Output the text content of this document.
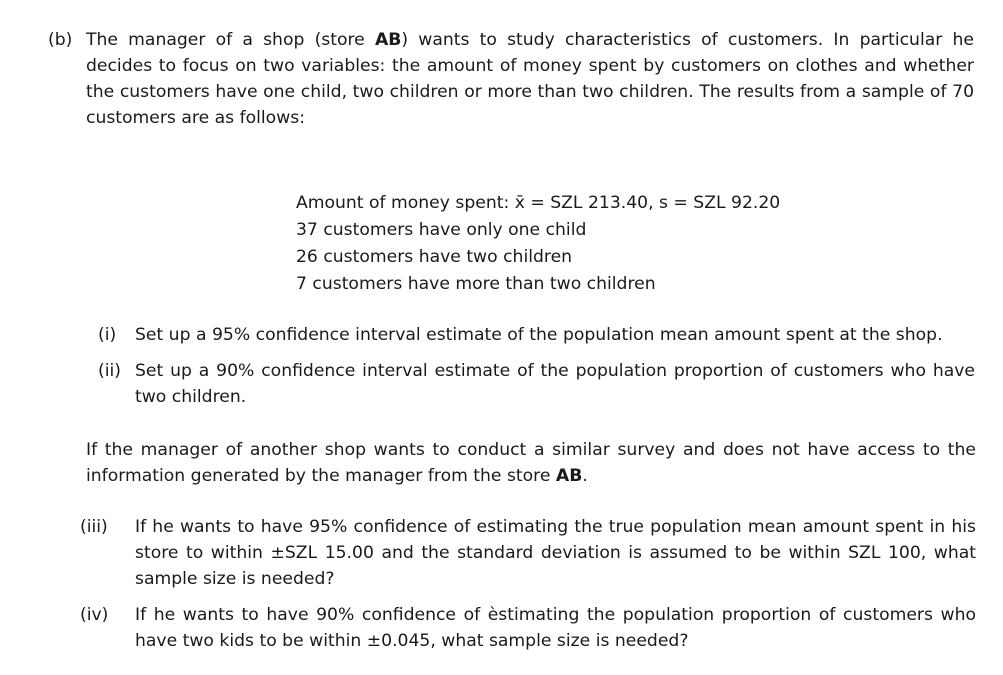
(b) The manager of a shop (store AB) wants to study characteristics of customers. In particular he decides to focus on two variables: the amount of money spent by customers on clothes and whether the customers have one child, two children or more than two children. The results from a sample of 70 customers are as follows:
Amount of money spent: x̄ = SZL 213.40, s = SZL 92.20
37 customers have only one child
26 customers have two children
7 customers have more than two children
(i) Set up a 95% confidence interval estimate of the population mean amount spent at the shop.
(ii) Set up a 90% confidence interval estimate of the population proportion of customers who have two children.
If the manager of another shop wants to conduct a similar survey and does not have access to the information generated by the manager from the store AB.
(iii) If he wants to have 95% confidence of estimating the true population mean amount spent in his store to within ±SZL 15.00 and the standard deviation is assumed to be within SZL 100, what sample size is needed?
(iv) If he wants to have 90% confidence of èstimating the population proportion of customers who have two kids to be within ±0.045, what sample size is needed?
